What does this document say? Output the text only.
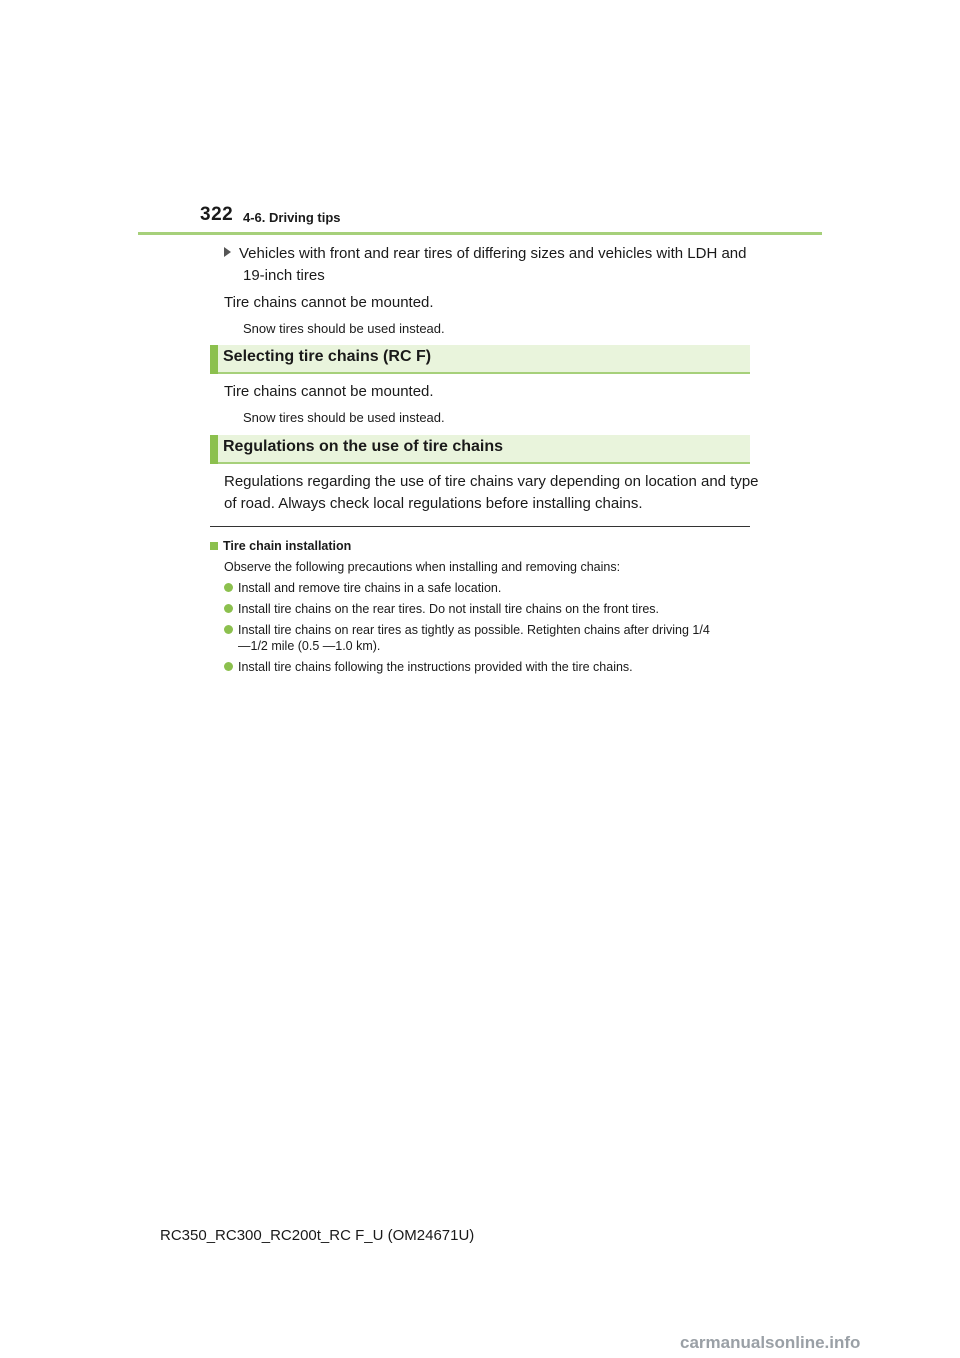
322 4-6. Driving tips
Vehicles with front and rear tires of differing sizes and vehicles with LDH and
19-inch tires
Tire chains cannot be mounted.
Snow tires should be used instead.
Selecting tire chains (RC F)
Tire chains cannot be mounted.
Snow tires should be used instead.
Regulations on the use of tire chains
Regulations regarding the use of tire chains vary depending on location and type
of road. Always check local regulations before installing chains.
Tire chain installation
Observe the following precautions when installing and removing chains:
Install and remove tire chains in a safe location.
Install tire chains on the rear tires. Do not install tire chains on the front tires.
Install tire chains on rear tires as tightly as possible. Retighten chains after driving 1/4
—1/2 mile (0.5 —1.0 km).
Install tire chains following the instructions provided with the tire chains.
RC350_RC300_RC200t_RC F_U (OM24671U)
carmanualsonline.info
